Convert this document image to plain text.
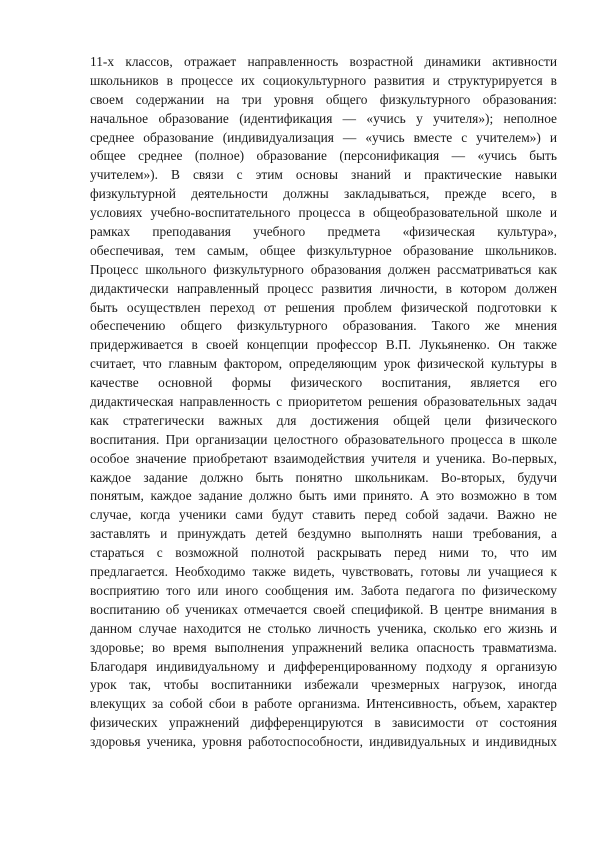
11-х классов, отражает направленность возрастной динамики активности
школьников в процессе их социокультурного развития и структурируется в
своем содержании на три уровня общего физкультурного образования:
начальное образование (идентификация — «учись у учителя»); неполное
среднее образование (индивидуализация — «учись вместе с учителем») и
общее среднее (полное) образование (персонификация — «учись быть
учителем»). В связи с этим основы знаний и практические навыки
физкультурной деятельности должны закладываться, прежде всего, в
условиях учебно-воспитательного процесса в общеобразовательной школе и
рамках преподавания учебного предмета «физическая культура»,
обеспечивая, тем самым, общее физкультурное образование школьников.
Процесс школьного физкультурного образования должен рассматриваться как
дидактически направленный процесс развития личности, в котором должен
быть осуществлен переход от решения проблем физической подготовки к
обеспечению общего физкультурного образования. Такого же мнения
придерживается в своей концепции профессор В.П. Лукьяненко. Он также
считает, что главным фактором, определяющим урок физической культуры в
качестве основной формы физического воспитания, является его
дидактическая направленность с приоритетом решения образовательных задач
как стратегически важных для достижения общей цели физического
воспитания. При организации целостного образовательного процесса в школе
особое значение приобретают взаимодействия учителя и ученика. Во-первых,
каждое задание должно быть понятно школьникам. Во-вторых, будучи
понятым, каждое задание должно быть ими принято. А это возможно в том
случае, когда ученики сами будут ставить перед собой задачи. Важно не
заставлять и принуждать детей бездумно выполнять наши требования, а
стараться с возможной полнотой раскрывать перед ними то, что им
предлагается. Необходимо также видеть, чувствовать, готовы ли учащиеся к
восприятию того или иного сообщения им. Забота педагога по физическому
воспитанию об учениках отмечается своей спецификой. В центре внимания в
данном случае находится не столько личность ученика, сколько его жизнь и
здоровье; во время выполнения упражнений велика опасность травматизма.
Благодаря индивидуальному и дифференцированному подходу я организую
урок так, чтобы воспитанники избежали чрезмерных нагрузок, иногда
влекущих за собой сбои в работе организма. Интенсивность, объем, характер
физических упражнений дифференцируются в зависимости от состояния
здоровья ученика, уровня работоспособности, индивидуальных и индивидных
